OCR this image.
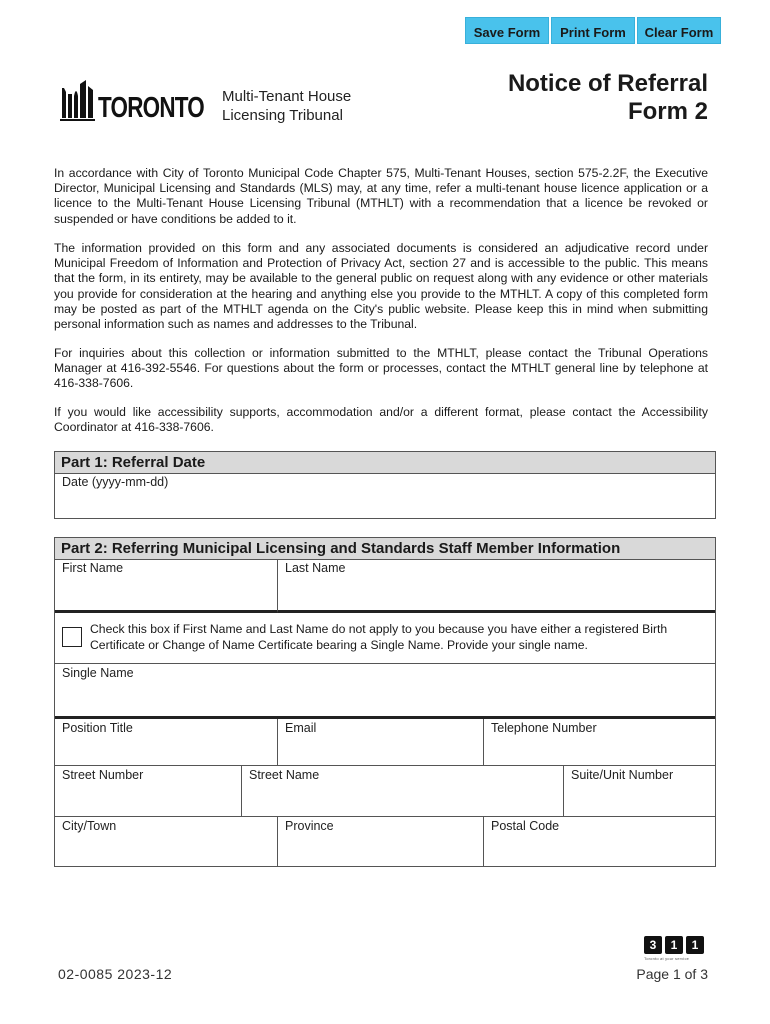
Save Form	Print Form	Clear Form
TORONTO Multi-Tenant House
Licensing Tribunal
Notice of Referral
Form 2

In accordance with City of Toronto Municipal Code Chapter 575, Multi-Tenant Houses, section 575-2.2F, the Executive Director, Municipal Licensing and Standards (MLS) may, at any time, refer a multi-tenant house licence application or a licence to the Multi-Tenant House Licensing Tribunal (MTHLT) with a recommendation that a licence be revoked or suspended or have conditions be added to it.

The information provided on this form and any associated documents is considered an adjudicative record under Municipal Freedom of Information and Protection of Privacy Act, section 27 and is accessible to the public. This means that the form, in its entirety, may be available to the general public on request along with any evidence or other materials you provide for consideration at the hearing and anything else you provide to the MTHLT. A copy of this completed form may be posted as part of the MTHLT agenda on the City's public website. Please keep this in mind when submitting personal information such as names and addresses to the Tribunal.

For inquiries about this collection or information submitted to the MTHLT, please contact the Tribunal Operations Manager at 416-392-5546. For questions about the form or processes, contact the MTHLT general line by telephone at 416-338-7606.

If you would like accessibility supports, accommodation and/or a different format, please contact the Accessibility Coordinator at 416-338-7606.

Part 1: Referral Date
Date (yyyy-mm-dd)
Part 2: Referring Municipal Licensing and Standards Staff Member Information
First Name	Last Name
Check this box if First Name and Last Name do not apply to you because you have either a registered Birth Certificate or Change of Name Certificate bearing a Single Name. Provide your single name.
Single Name
Position Title	Email	Telephone Number
Street Number	Street Name	Suite/Unit Number
City/Town	Province	Postal Code
3	1	1
Toronto at your service
02-0085 2023-12	Page 1 of 3
